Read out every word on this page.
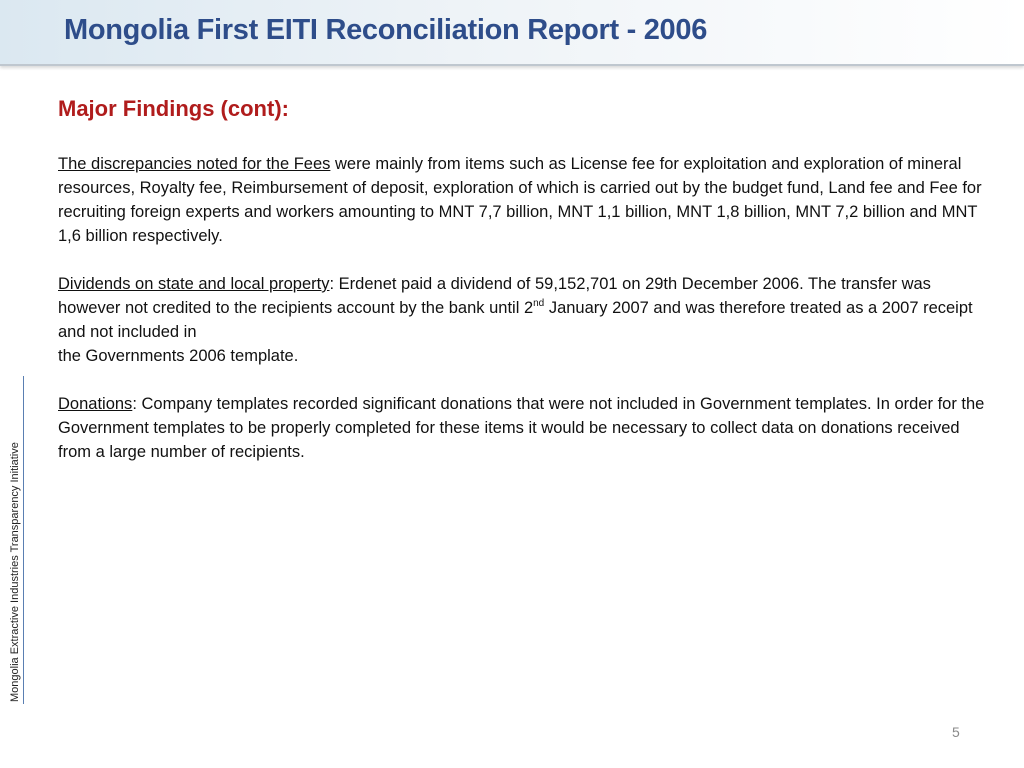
Mongolia First EITI Reconciliation Report - 2006
Mongolia Extractive Industries Transparency Initiative
Major Findings (cont):

The discrepancies noted for the Fees were mainly from items such as License fee for exploitation and exploration of mineral resources, Royalty fee, Reimbursement of deposit, exploration of which is carried out by the budget fund, Land fee and Fee for recruiting foreign experts and workers amounting to MNT 7,7 billion, MNT 1,1 billion, MNT 1,8 billion, MNT 7,2 billion and MNT 1,6 billion respectively.

Dividends on state and local property: Erdenet paid a dividend of 59,152,701 on 29th December 2006. The transfer was however not credited to the recipients account by the bank until 2nd January 2007 and was therefore treated as a 2007 receipt and not included in
the Governments 2006 template.

Donations: Company templates recorded significant donations that were not included in Government templates. In order for the Government templates to be properly completed for these items it would be necessary to collect data on donations received from a large number of recipients.

5
